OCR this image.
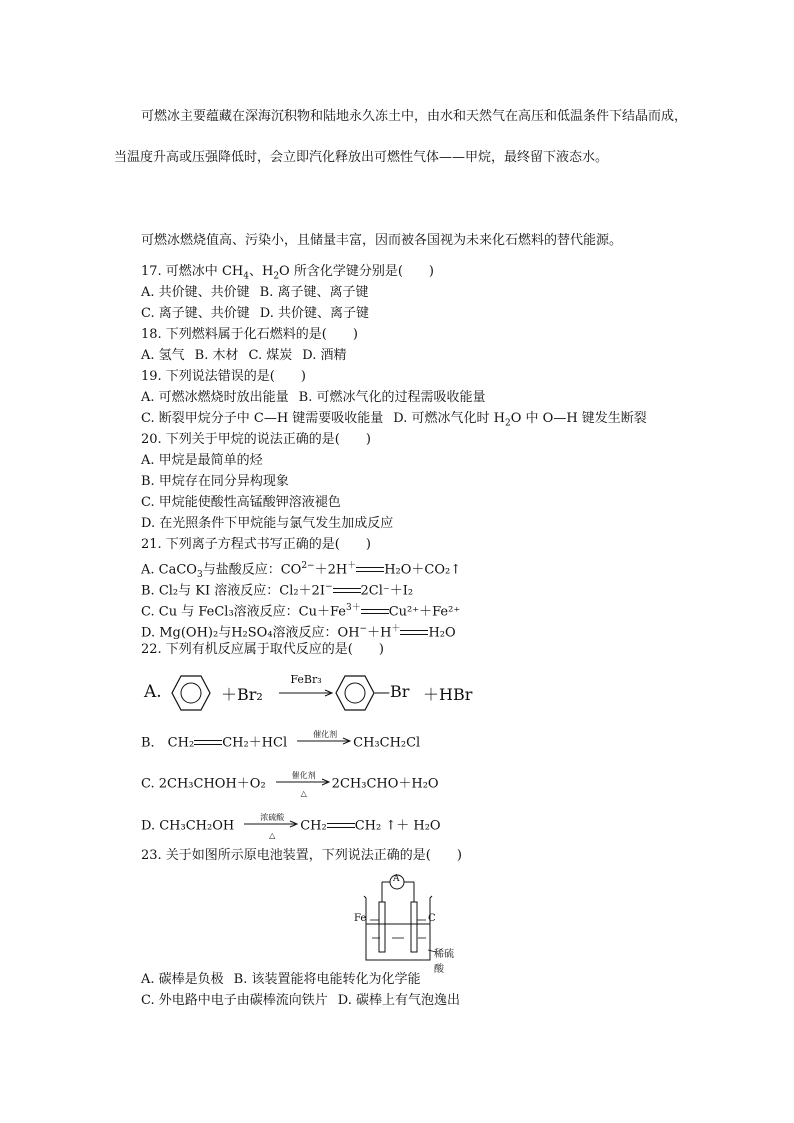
可燃冰主要蕴藏在深海沉积物和陆地永久冻土中，由水和天然气在高压和低温条件下结晶而成，当温度升高或压强降低时，会立即汽化释放出可燃性气体——甲烷，最终留下液态水。

可燃冰燃烧值高、污染小，且储量丰富，因而被各国视为未来化石燃料的替代能源。

17. 可燃冰中 $CH_4$、$H_2O$ 所含化学键分别是(　　)
A. 共价键、共价键 B. 离子键、离子键
C. 离子键、共价键 D. 共价键、离子键
18. 下列燃料属于化石燃料的是(　　)
A. 氢气 B. 木材 C. 煤炭 D. 酒精
19. 下列说法错误的是(　　)
A. 可燃冰燃烧时放出能量 B. 可燃冰气化的过程需吸收能量
C. 断裂甲烷分子中 C—H 键需要吸收能量 D. 可燃冰气化时 $H_2O$ 中 O—H 键发生断裂
20. 下列关于甲烷的说法正确的是(　　)
A. 甲烷是最简单的烃
B. 甲烷存在同分异构现象
C. 甲烷能使酸性高锰酸钾溶液褪色
D. 在光照条件下甲烷能与氯气发生加成反应
21. 下列离子方程式书写正确的是(　　)
A. CaCO$_3$与盐酸反应：$CO^{2-}+2H^+$ H₂O＋CO₂↑
B. Cl₂与 KI 溶液反应：Cl₂＋2I− 2Cl⁻＋I₂
C. Cu 与 FeCl₃溶液反应：$Cu+Fe^{3+}$ Cu²⁺＋Fe²⁺
D. Mg(OH)₂与H₂SO₄溶液反应：OH−＋H＋ H₂O
22. 下列有机反应属于取代反应的是(　　)
A.	＋Br₂
FeBr₃
—Br ＋HBr
B． CH₂ CH₂＋HCl
催化剂
CH₃CH₂Cl
C. 2CH₃CHOH＋O₂
催化剂
△
2CH₃CHO＋H₂O
D. CH₃CH₂OH
浓硫酸
△
CH₂ CH₂ ↑＋ H₂O
23. 关于如图所示原电池装置，下列说法正确的是(　　)
A
Fe	C
稀硫酸
A. 碳棒是负极 B. 该装置能将电能转化为化学能
C. 外电路中电子由碳棒流向铁片 D. 碳棒上有气泡逸出
